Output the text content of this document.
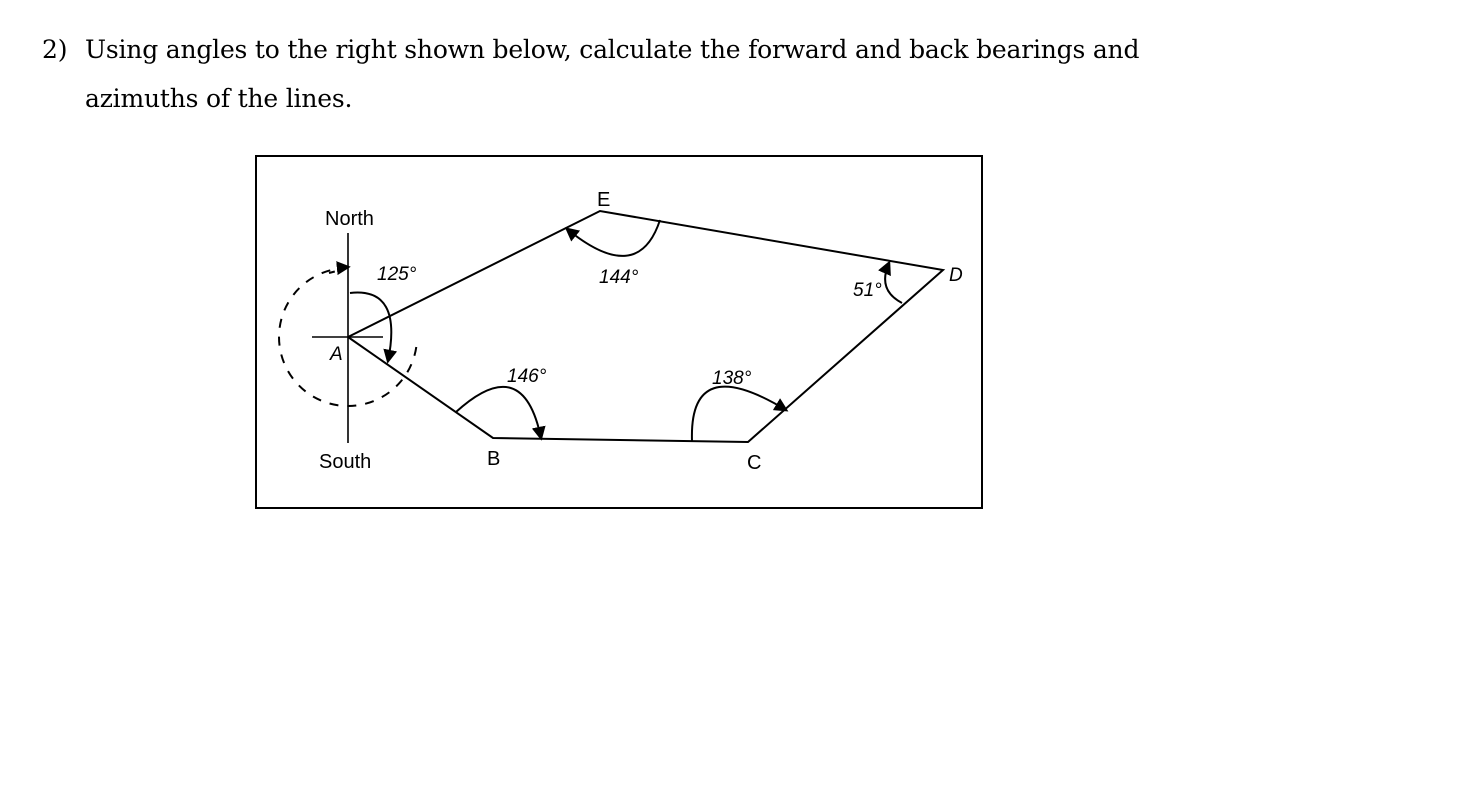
2) Using angles to the right shown below, calculate the forward and back bearings and
azimuths of the lines.
North
South
A
B	C
D
E
125°
146°	138°
51°
144°
